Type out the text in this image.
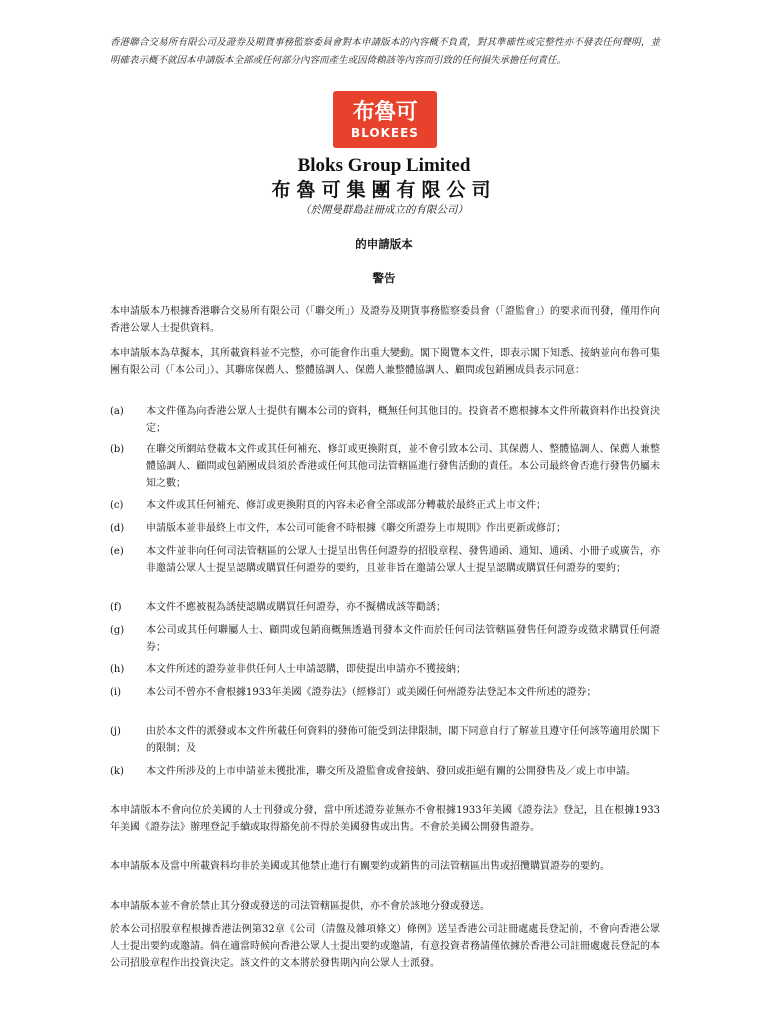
香港聯合交易所有限公司及證券及期貨事務監察委員會對本申請版本的內容概不負責，對其準確性或完整性亦不發表任何聲明，並明確表示概不就因本申請版本全部或任何部分內容而產生或因倚賴該等內容而引致的任何損失承擔任何責任。
布魯可
BLOKEES
Bloks Group Limited
布魯可集團有限公司
（於開曼群島註冊成立的有限公司）
的申請版本
警告
本申請版本乃根據香港聯合交易所有限公司（「聯交所」）及證券及期貨事務監察委員會（「證監會」）的要求而刊發，僅用作向香港公眾人士提供資料。
本申請版本為草擬本，其所載資料並不完整，亦可能會作出重大變動。閣下閱覽本文件，即表示閣下知悉、接納並向布魯可集團有限公司（「本公司」）、其聯席保薦人、整體協調人、保薦人兼整體協調人、顧問或包銷團成員表示同意：
(a)	本文件僅為向香港公眾人士提供有關本公司的資料，概無任何其他目的。投資者不應根據本文件所載資料作出投資決定；
(b)	在聯交所網站登載本文件或其任何補充、修訂或更換附頁，並不會引致本公司、其保薦人、整體協調人、保薦人兼整體協調人、顧問或包銷團成員須於香港或任何其他司法管轄區進行發售活動的責任。本公司最終會否進行發售仍屬未知之數；
(c)	本文件或其任何補充、修訂或更換附頁的內容未必會全部或部分轉載於最終正式上市文件；
(d)	申請版本並非最終上市文件，本公司可能會不時根據《聯交所證券上市規則》作出更新或修訂；
(e)	本文件並非向任何司法管轄區的公眾人士提呈出售任何證券的招股章程、發售通函、通知、通函、小冊子或廣告，亦非邀請公眾人士提呈認購或購買任何證券的要約，且並非旨在邀請公眾人士提呈認購或購買任何證券的要約；
(f)	本文件不應被視為誘使認購或購買任何證券，亦不擬構成該等勸誘；
(g)	本公司或其任何聯屬人士、顧問或包銷商概無透過刊發本文件而於任何司法管轄區發售任何證券或徵求購買任何證券；
(h)	本文件所述的證券並非供任何人士申請認購，即使提出申請亦不獲接納；
(i)	本公司不曾亦不會根據1933年美國《證券法》（經修訂）或美國任何州證券法登記本文件所述的證券；
(j)	由於本文件的派發或本文件所載任何資料的發佈可能受到法律限制，閣下同意自行了解並且遵守任何該等適用於閣下的限制；及
(k)	本文件所涉及的上市申請並未獲批准，聯交所及證監會或會接納、發回或拒絕有關的公開發售及／或上市申請。
本申請版本不會向位於美國的人士刊發或分發，當中所述證券並無亦不會根據1933年美國《證券法》登記，且在根據1933年美國《證券法》辦理登記手續或取得豁免前不得於美國發售或出售。不會於美國公開發售證券。
本申請版本及當中所載資料均非於美國或其他禁止進行有關要約或銷售的司法管轄區出售或招攬購買證券的要約。
本申請版本並不會於禁止其分發或發送的司法管轄區提供，亦不會於該地分發或發送。
於本公司招股章程根據香港法例第32章《公司（清盤及雜項條文）條例》送呈香港公司註冊處處長登記前，不會向香港公眾人士提出要約或邀請。倘在適當時候向香港公眾人士提出要約或邀請，有意投資者務請僅依據於香港公司註冊處處長登記的本公司招股章程作出投資決定。該文件的文本將於發售期內向公眾人士派發。
